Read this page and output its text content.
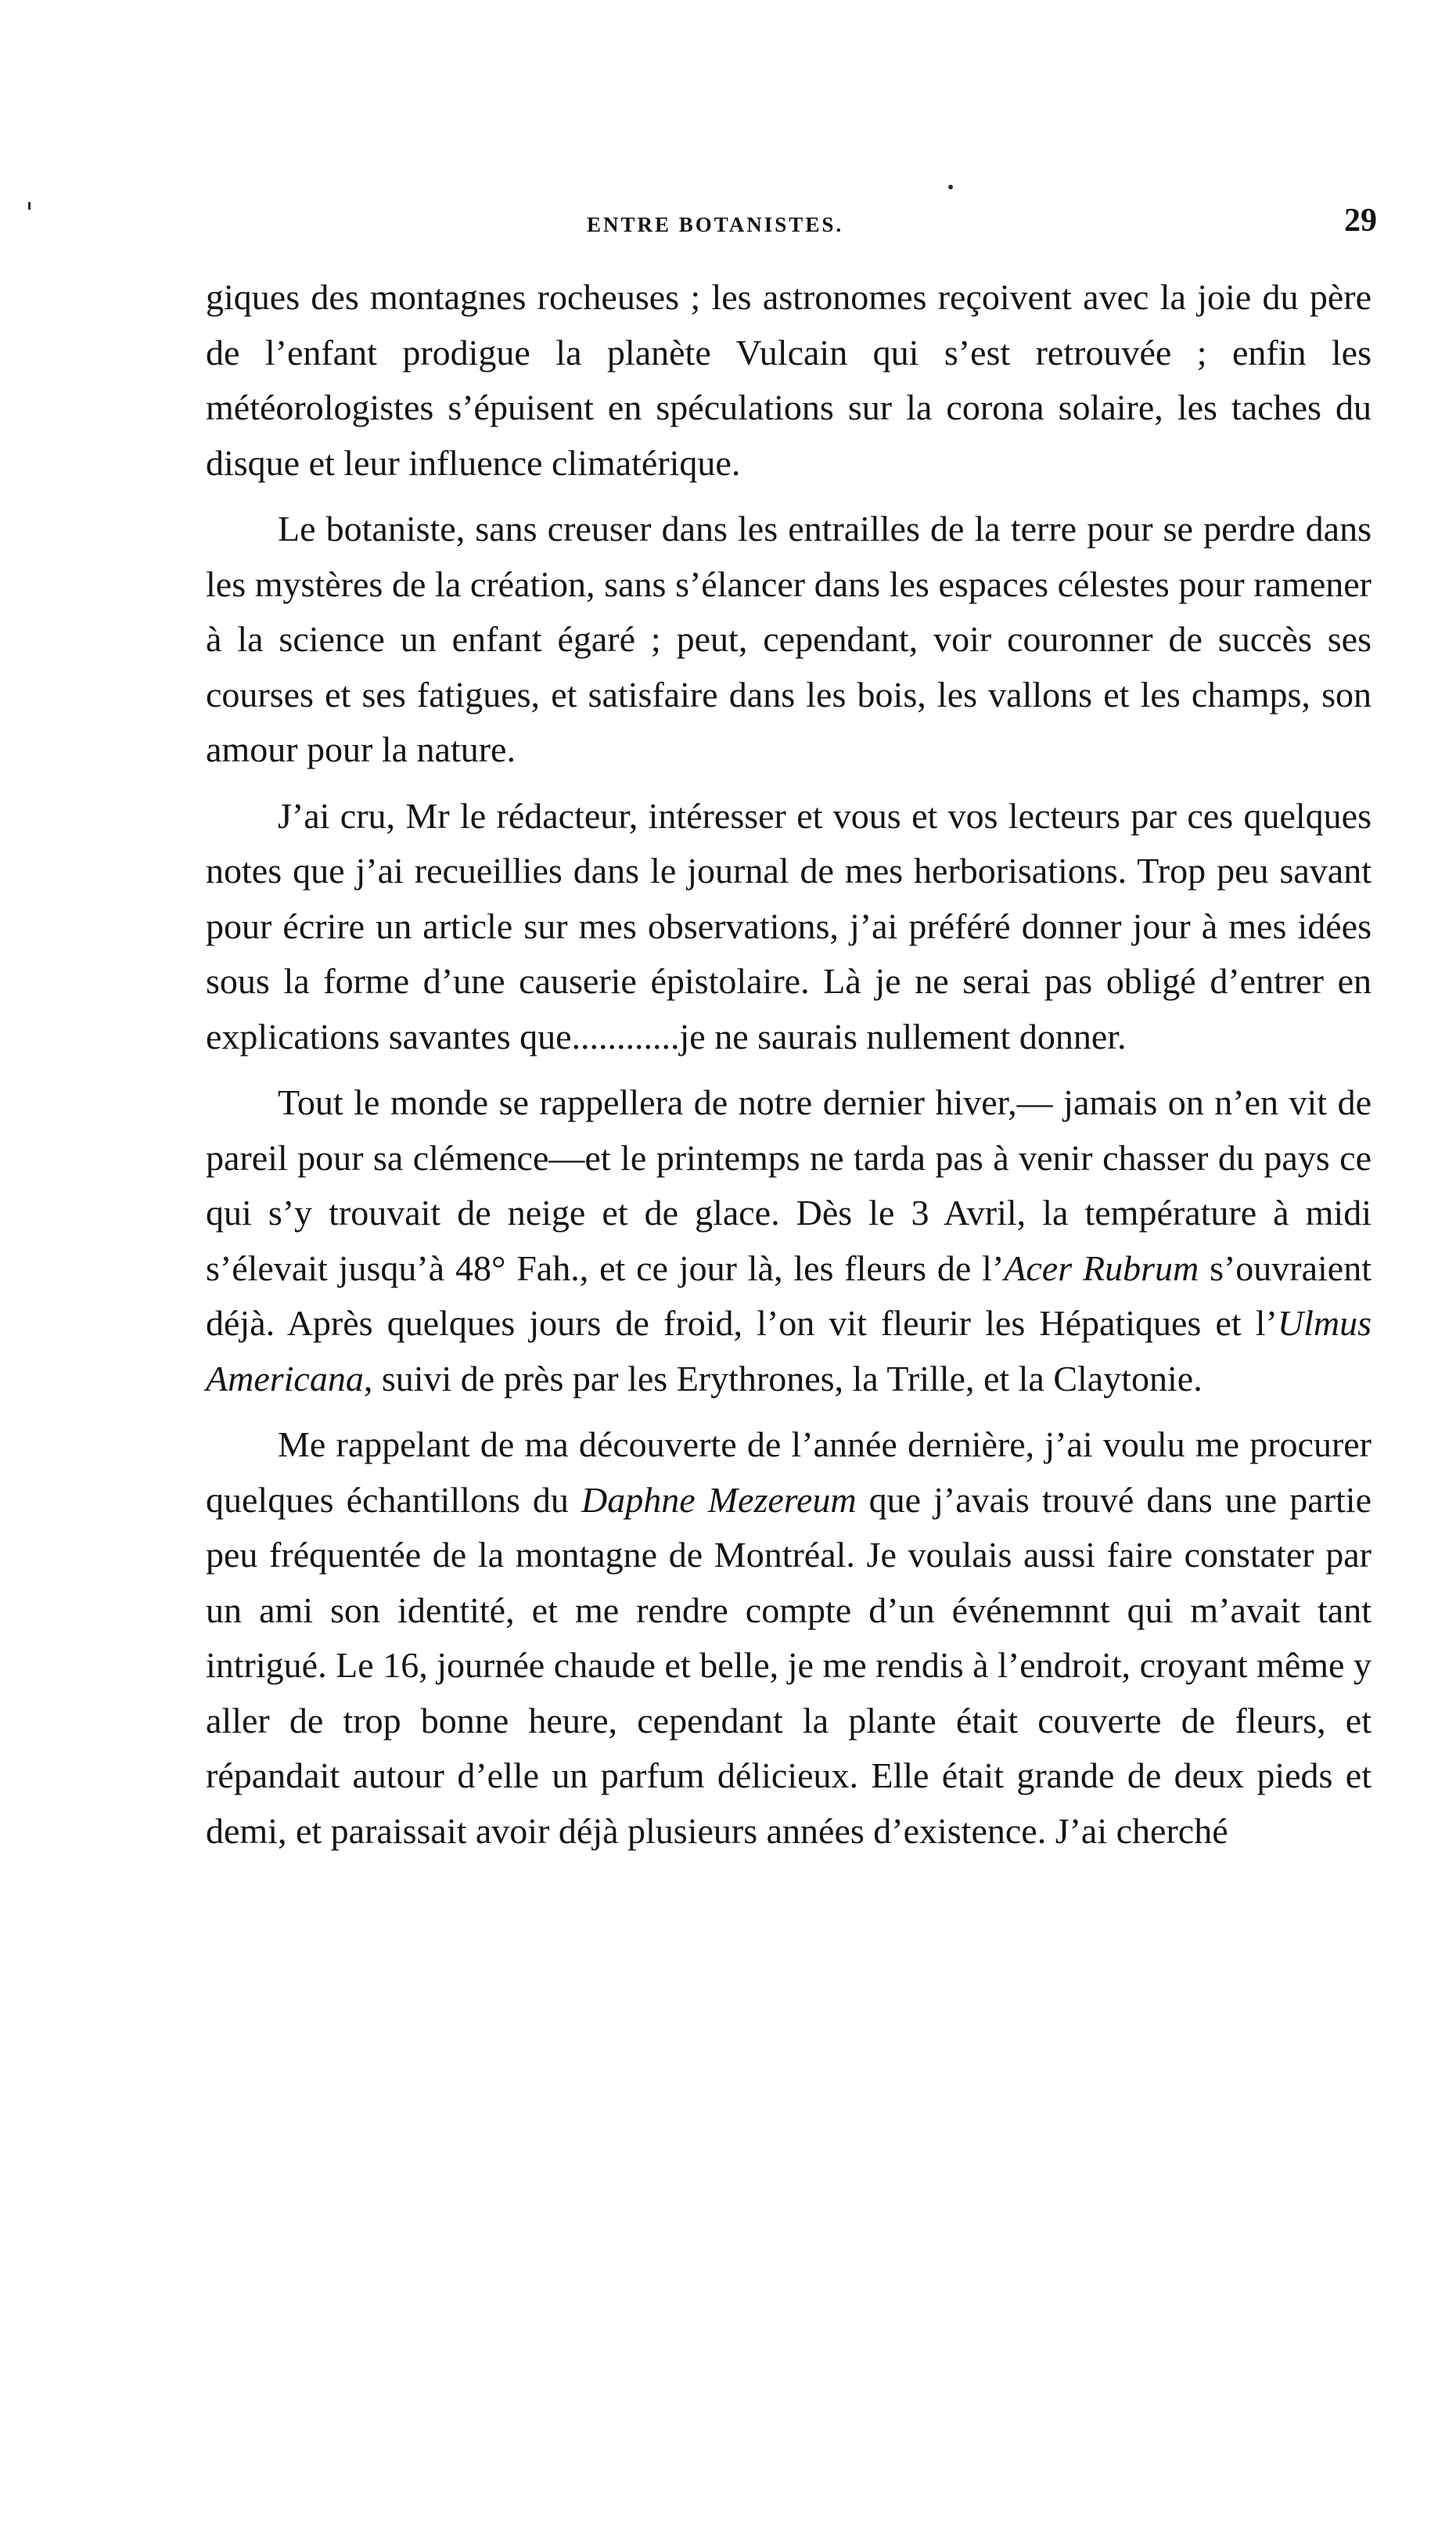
ENTRE BOTANISTES.	29

giques des montagnes rocheuses ; les astronomes reçoivent avec la joie du père de l’enfant prodigue la planète Vulcain qui s’est retrouvée ; enfin les météorologistes s’épuisent en spéculations sur la corona solaire, les taches du disque et leur influence climatérique.

Le botaniste, sans creuser dans les entrailles de la terre pour se perdre dans les mystères de la création, sans s’élancer dans les espaces célestes pour ramener à la science un enfant égaré ; peut, cependant, voir couronner de succès ses courses et ses fatigues, et satisfaire dans les bois, les vallons et les champs, son amour pour la nature.

J’ai cru, Mr le rédacteur, intéresser et vous et vos lecteurs par ces quelques notes que j’ai recueillies dans le journal de mes herborisations. Trop peu savant pour écrire un article sur mes observations, j’ai préféré donner jour à mes idées sous la forme d’une causerie épistolaire. Là je ne serai pas obligé d’entrer en explications savantes que............je ne saurais nullement donner.

Tout le monde se rappellera de notre dernier hiver,— jamais on n’en vit de pareil pour sa clémence—et le printemps ne tarda pas à venir chasser du pays ce qui s’y trouvait de neige et de glace. Dès le 3 Avril, la température à midi s’élevait jusqu’à 48° Fah., et ce jour là, les fleurs de l’Acer Rubrum s’ouvraient déjà. Après quelques jours de froid, l’on vit fleurir les Hépatiques et l’Ulmus Americana, suivi de près par les Erythrones, la Trille, et la Claytonie.

Me rappelant de ma découverte de l’année dernière, j’ai voulu me procurer quelques échantillons du Daphne Mezereum que j’avais trouvé dans une partie peu fréquentée de la montagne de Montréal. Je voulais aussi faire constater par un ami son identité, et me rendre compte d’un événemnnt qui m’avait tant intrigué. Le 16, journée chaude et belle, je me rendis à l’endroit, croyant même y aller de trop bonne heure, cependant la plante était couverte de fleurs, et répandait autour d’elle un parfum délicieux. Elle était grande de deux pieds et demi, et paraissait avoir déjà plusieurs années d’existence. J’ai cherché
